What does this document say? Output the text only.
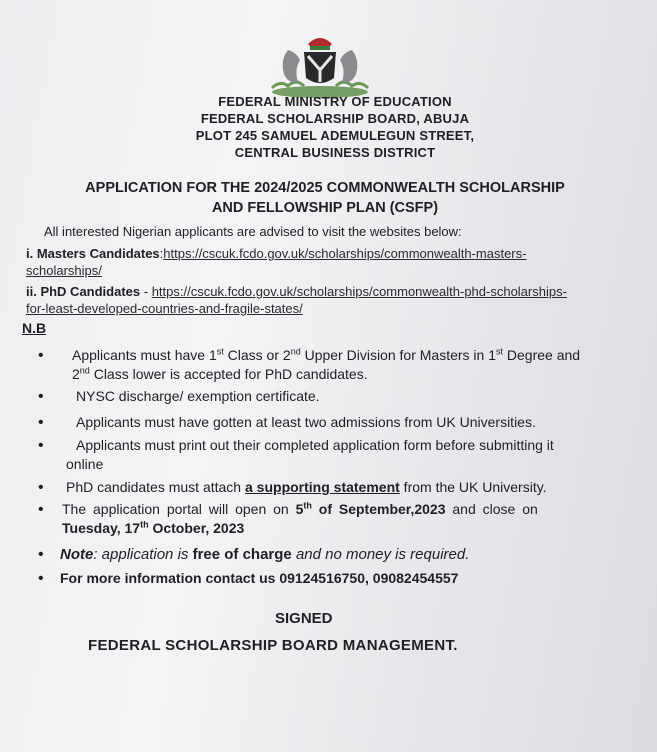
FEDERAL MINISTRY OF EDUCATION
FEDERAL SCHOLARSHIP BOARD, ABUJA
PLOT 245 SAMUEL ADEMULEGUN STREET,
CENTRAL BUSINESS DISTRICT
APPLICATION FOR THE 2024/2025 COMMONWEALTH SCHOLARSHIP
AND FELLOWSHIP PLAN (CSFP)
All interested Nigerian applicants are advised to visit the websites below:
i. Masters Candidates:https://cscuk.fcdo.gov.uk/scholarships/commonwealth-masters-
scholarships/
ii. PhD Candidates - https://cscuk.fcdo.gov.uk/scholarships/commonwealth-phd-scholarships-
for-least-developed-countries-and-fragile-states/
N.B
• Applicants must have 1st Class or 2nd Upper Division for Masters in 1st Degree and
2nd Class lower is accepted for PhD candidates.
• NYSC discharge/ exemption certificate.
• Applicants must have gotten at least two admissions from UK Universities.
•	Applicants must print out their completed application form before submitting it
online
• PhD candidates must attach a supporting statement from the UK University.
• The application portal will open on 5th of September,2023 and close on
Tuesday, 17th October, 2023
• Note: application is free of charge and no money is required.
• For more information contact us 09124516750, 09082454557
SIGNED
FEDERAL SCHOLARSHIP BOARD MANAGEMENT.
